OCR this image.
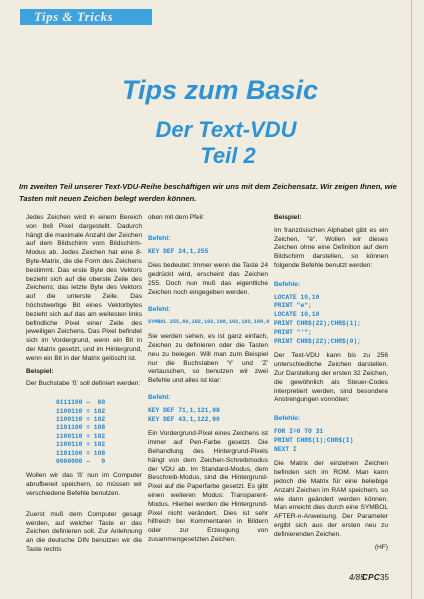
Tips & Tricks
Tips zum Basic
Der Text-VDU
Teil 2

Im zweiten Teil unserer Text-VDU-Reihe beschäftigen wir uns mit dem Zeichensatz. Wir zeigen Ihnen, wie Tasten mit neuen Zeichen belegt werden können.

Jedes Zeichen wird in einem Bereich von 8x8 Pixel dargestellt. Dadurch hängt die maximale Anzahl der Zeichen auf dem Bildschirm vom Bildschirm-Modus ab. Jedes Zeichen hat eine 8-Byte-Matrix, die die Form des Zeichens bestimmt. Das erste Byte des Vektors bezieht sich auf die oberste Zeile des Zeichens; das letzte Byte des Vektors auf die unterste Zeile. Das höchstwertige Bit eines Vektorbytes bezieht sich auf das am weitesten links befindliche Pixel einer Zeile des jeweiligen Zeichens. Das Pixel befindet sich im Vordergrund, wenn ein Bit in der Matrix gesetzt, und im Hintergrund, wenn ein Bit in der Matrix gelöscht ist.

Beispiel:

Der Buchstabe 'ß' soll definiert werden:

0111100 —  60
1100110 = 102
1100110 = 102
1101100 = 108
1100110 = 102
1100110 = 102
1101100 = 108
0000000 —   0

Wollen wir das 'ß' nun im Computer abrufbereit speichern, so müssen wir verschiedene Befehle benutzen.

Zuerst muß dem Computer gesagt werden, auf welcher Taste er das Zeichen definieren soll. Zur Anlehnung an die deutsche DIN benutzen wir die Taste rechts

oben mit dem Pfeil:

Befehl:

KEY DEF 24,1,255

Dies bedeutet: Immer wenn die Taste 24 gedrückt wird, erscheint das Zeichen 255. Doch nun muß das eigentliche Zeichen noch eingegeben werden.

Befehl:

SYMBOL 255,60,102,102,108,102,102,108,0

Sie werden sehen, es ist ganz einfach, Zeichen zu definieren oder die Tasten neu zu belegen. Will man zum Beispiel nur die Buchstaben 'Y' und 'Z' vertauschen, so benutzen wir zwei Befehle und alles ist klar:

Befehl:

KEY DEF 71,1,121,89
KEY DEF 43,1,122,90

Ein Vordergrund-Pixel eines Zeichens ist immer auf Pen-Farbe gesetzt. Die Behandlung des Hintergrund-Pixels hängt von dem Zeichen-Schreibmodus der VDU ab. Im Standard-Modus, dem Beschreib-Modus, sind die Hintergrund-Pixel auf die Paperfarbe gesetzt. Es gibt einen weiteren Modus: Transparent-Modus. Hierbei werden die Hintergrund-Pixel nicht verändert. Dies ist sehr hilfreich bei Kommentaren in Bildern oder zur Erzeugung von zusammengesetzten Zeichen.

Beispiel:

Im französischen Alphabet gibt es ein Zeichen, "è". Wollen wir dieses Zeichen ohne eine Definition auf dem Bildschirm darstellen, so können folgende Befehle benutzt werden:

Befehle:

LOCATE 10,10
PRINT "e";
LOCATE 10,10
PRINT CHR$(22);CHR$(1);
PRINT "'";
PRINT CHR$(22);CHR$(0);

Der Text-VDU kann bis zu 256 unterschiedliche Zeichen darstellen. Zur Darstellung der ersten 32 Zeichen, die gewöhnlich als Steuer-Codes interpretiert werden, sind besondere Anstrengungen vonnöten:

Befehle:

FOR I=0 TO 31
PRINT CHR$(1);CHR$(I)
NEXT I

Die Matrix der einzelnen Zeichen befinden sich im ROM. Man kann jedoch die Matrix für eine beliebige Anzahl Zeichen im RAM speichern, so wie dann geändert werden können. Man erreicht dies durch eine SYMBOL AFTER-n-Anweisung. Der Parameter ergibt sich aus der ersten neu zu definierenden Zeichen.

(HF)

4/85
CPC 35
